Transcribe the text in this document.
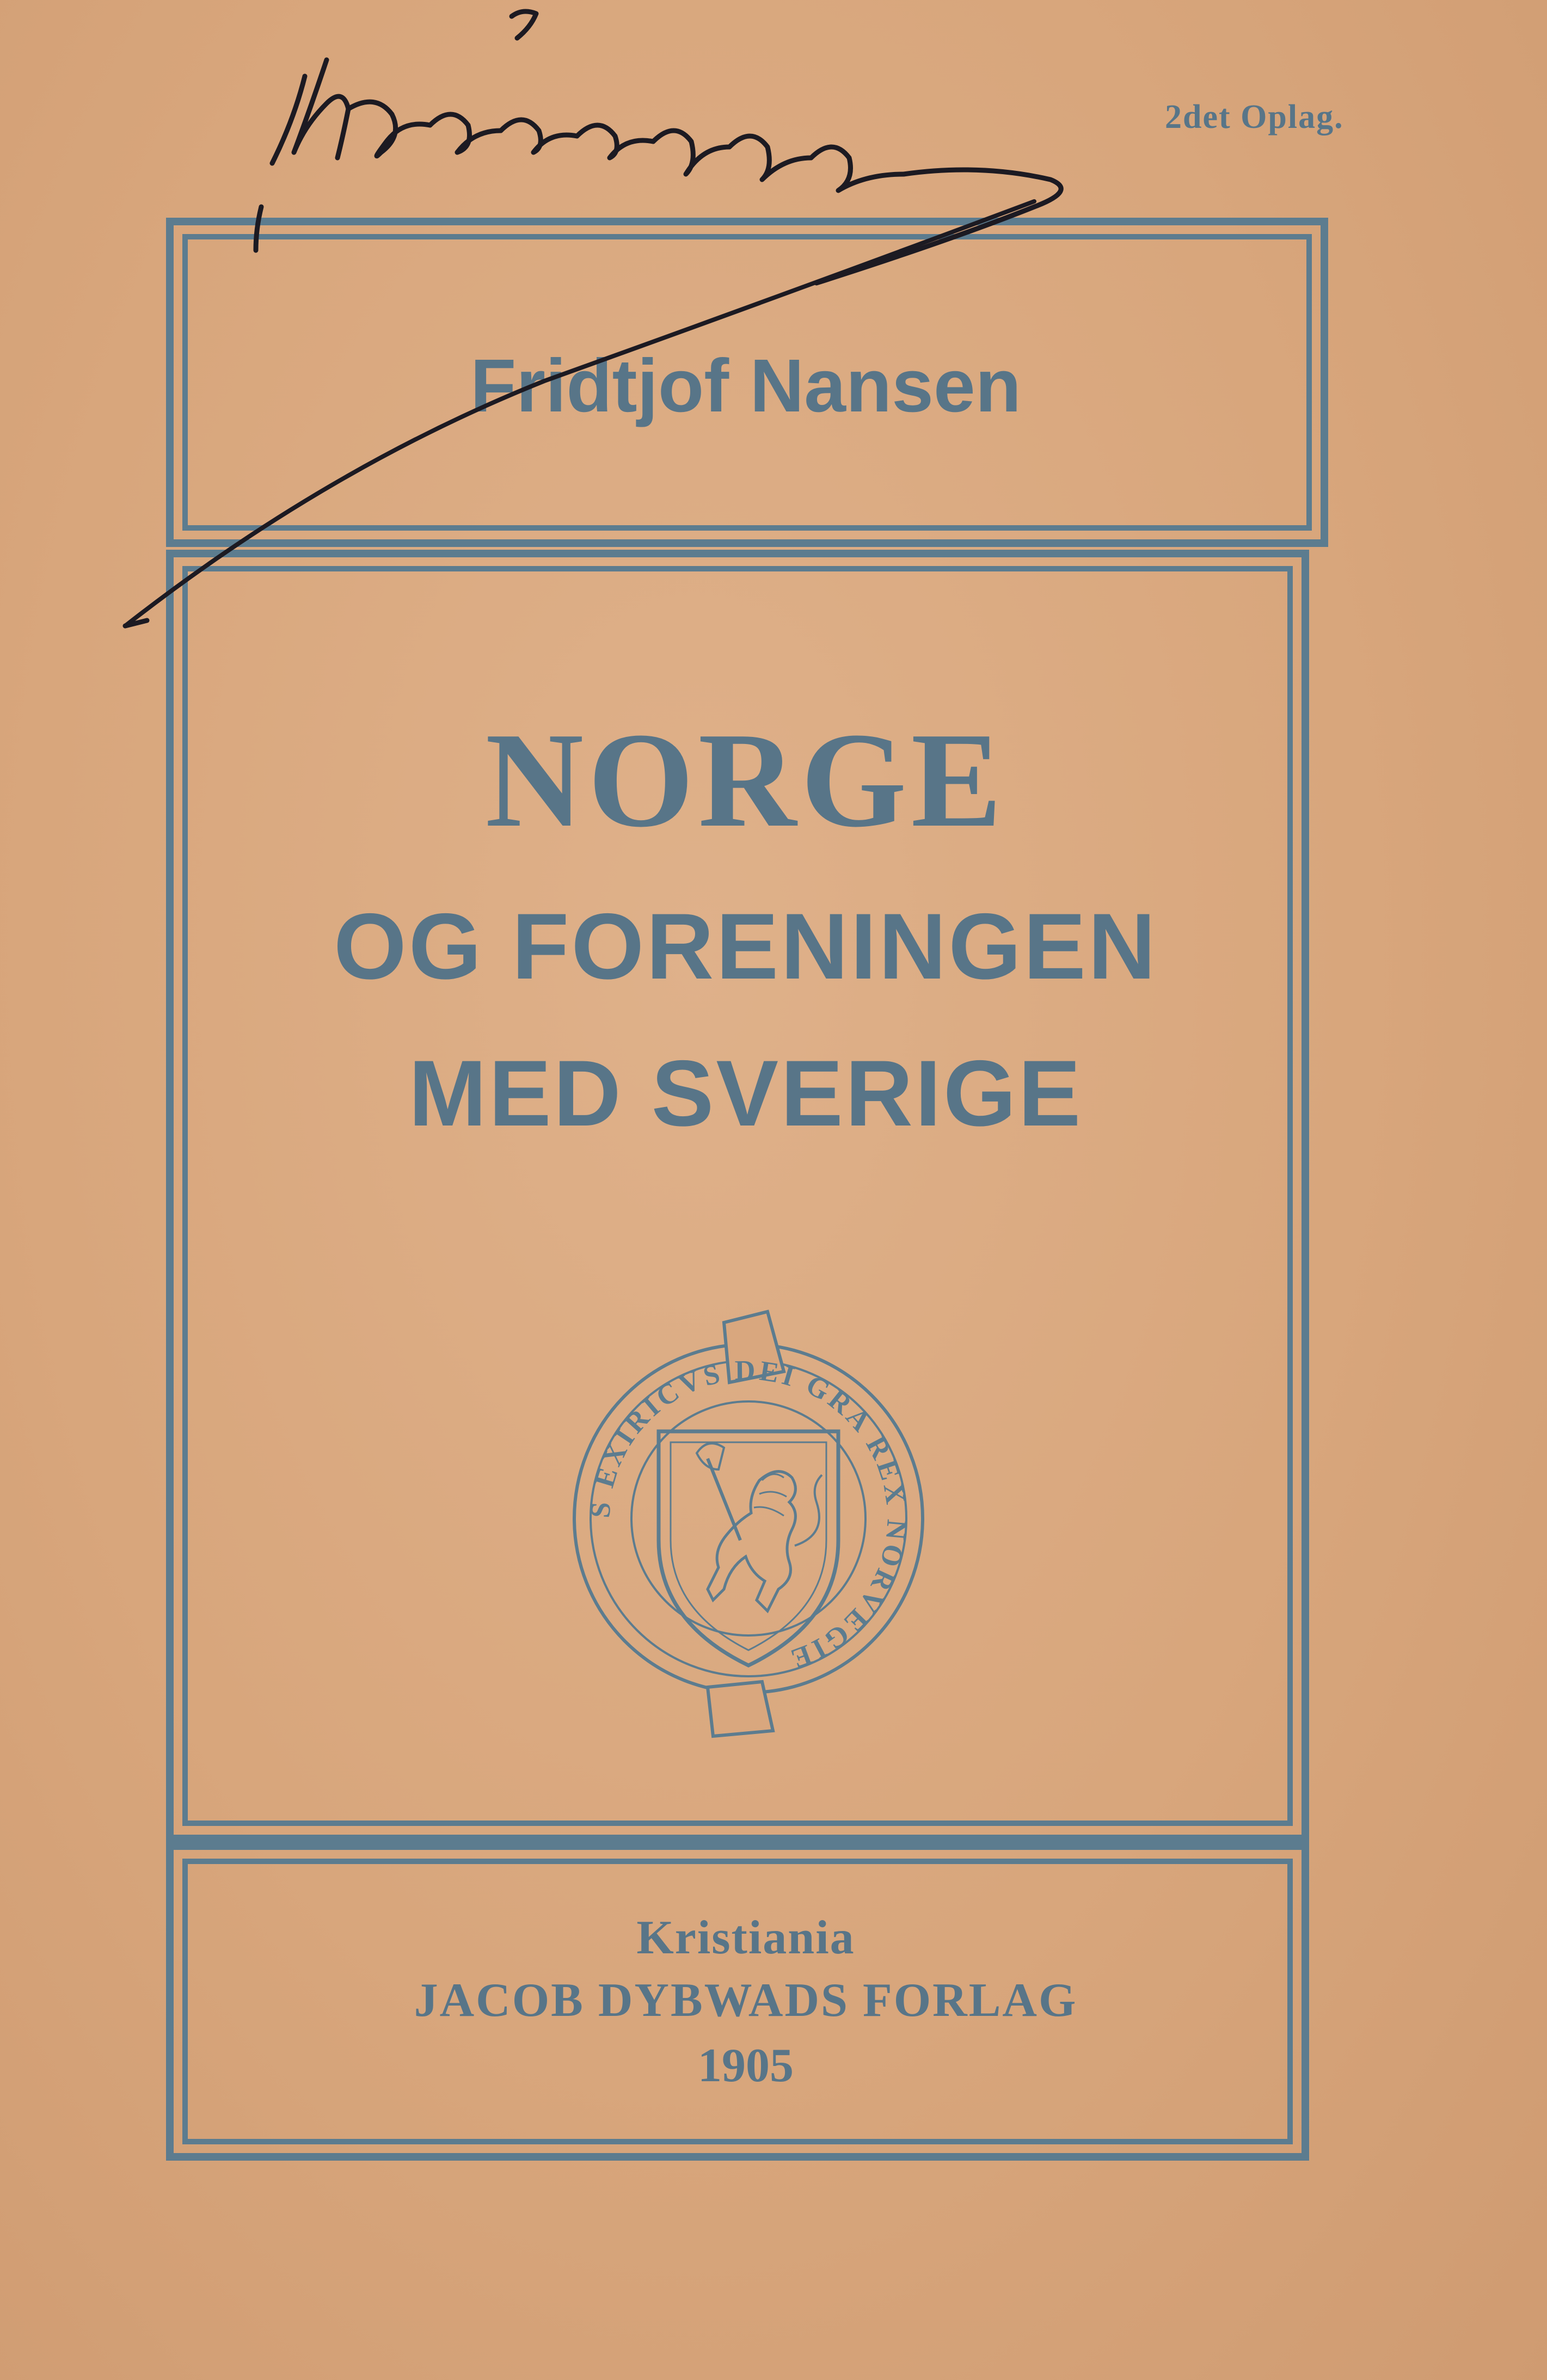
2det Oplag.
Fridtjof Nansen
NORGE
OG FORENINGEN
MED SVERIGE
S EXIRICVS DEI GRA REX NORVEGIE
Kristiania
JACOB DYBWADS FORLAG
1905
